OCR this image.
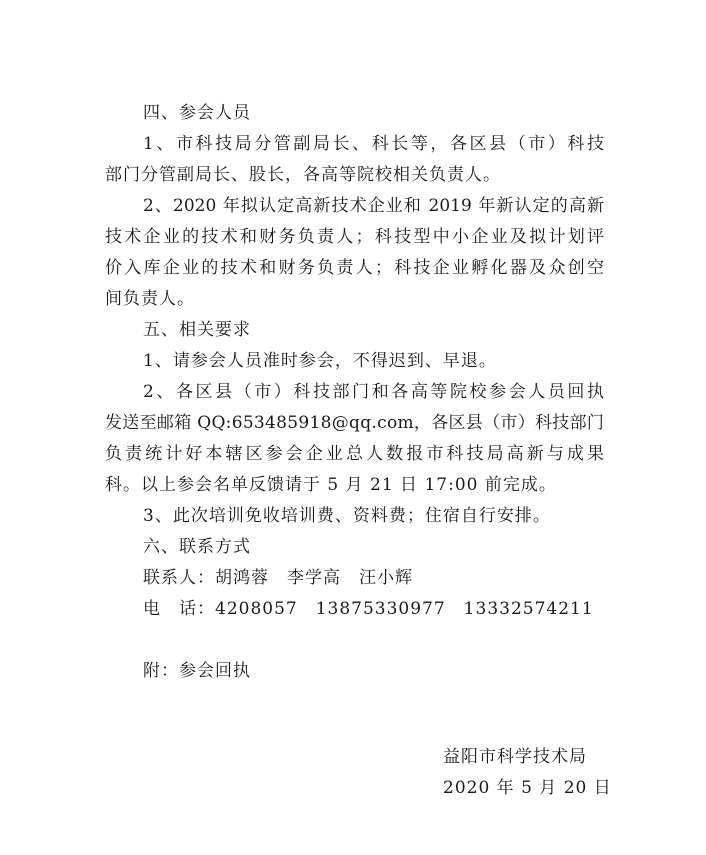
四、参会人员
1、市科技局分管副局长、科长等，各区县（市）科技
部门分管副局长、股长，各高等院校相关负责人。
2、2020 年拟认定高新技术企业和 2019 年新认定的高新
技术企业的技术和财务负责人；科技型中小企业及拟计划评
价入库企业的技术和财务负责人；科技企业孵化器及众创空
间负责人。
五、相关要求
1、请参会人员准时参会，不得迟到、早退。
2、各区县（市）科技部门和各高等院校参会人员回执
发送至邮箱 QQ:653485918@qq.com，各区县（市）科技部门
负责统计好本辖区参会企业总人数报市科技局高新与成果
科。以上参会名单反馈请于 5 月 21 日 17:00 前完成。
3、此次培训免收培训费、资料费；住宿自行安排。
六、联系方式
联系人：胡鸿蓉　李学高　汪小辉
电　话：4208057　13875330977　13332574211
附：参会回执
益阳市科学技术局
2020 年 5 月 20 日
